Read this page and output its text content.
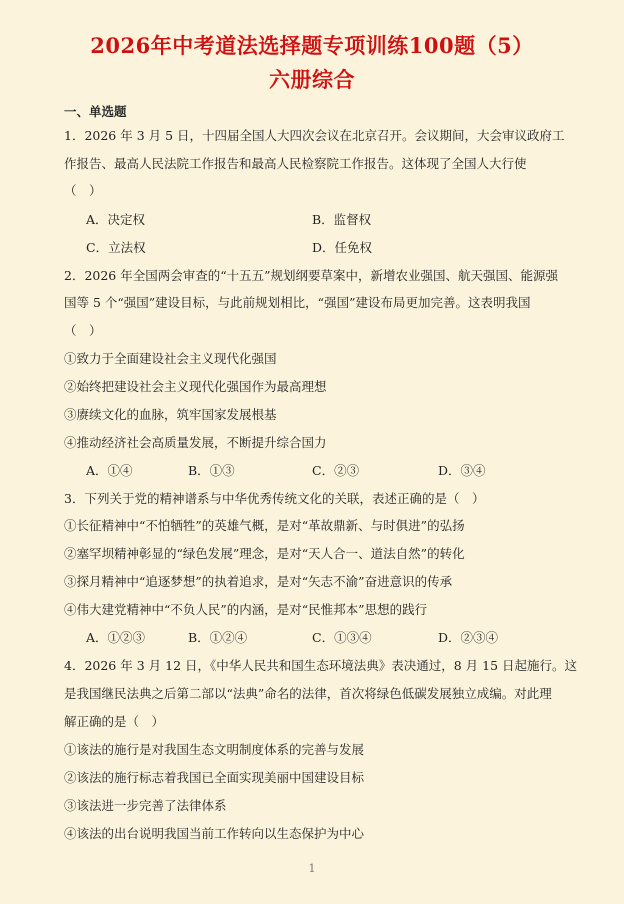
2026年中考道法选择题专项训练100题（5）
六册综合
一、单选题
1．2026 年 3 月 5 日，十四届全国人大四次会议在北京召开。会议期间，大会审议政府工
作报告、最高人民法院工作报告和最高人民检察院工作报告。这体现了全国人大行使
（　）
A．决定权	B．监督权
C．立法权	D．任免权
2．2026 年全国两会审查的“十五五”规划纲要草案中，新增农业强国、航天强国、能源强
国等 5 个“强国”建设目标，与此前规划相比，“强国”建设布局更加完善。这表明我国
（　）
①致力于全面建设社会主义现代化强国
②始终把建设社会主义现代化强国作为最高理想
③赓续文化的血脉，筑牢国家发展根基
④推动经济社会高质量发展，不断提升综合国力
A．①④	B．①③	C．②③	D．③④
3．下列关于党的精神谱系与中华优秀传统文化的关联，表述正确的是（　）
①长征精神中“不怕牺牲”的英雄气概，是对“革故鼎新、与时俱进”的弘扬
②塞罕坝精神彰显的“绿色发展”理念，是对“天人合一、道法自然”的转化
③探月精神中“追逐梦想”的执着追求，是对“矢志不渝”奋进意识的传承
④伟大建党精神中“不负人民”的内涵，是对“民惟邦本”思想的践行
A．①②③	B．①②④	C．①③④	D．②③④
4．2026 年 3 月 12 日，《中华人民共和国生态环境法典》表决通过，8 月 15 日起施行。这
是我国继民法典之后第二部以“法典”命名的法律，首次将绿色低碳发展独立成编。对此理
解正确的是（　）
①该法的施行是对我国生态文明制度体系的完善与发展
②该法的施行标志着我国已全面实现美丽中国建设目标
③该法进一步完善了法律体系
④该法的出台说明我国当前工作转向以生态保护为中心
1
